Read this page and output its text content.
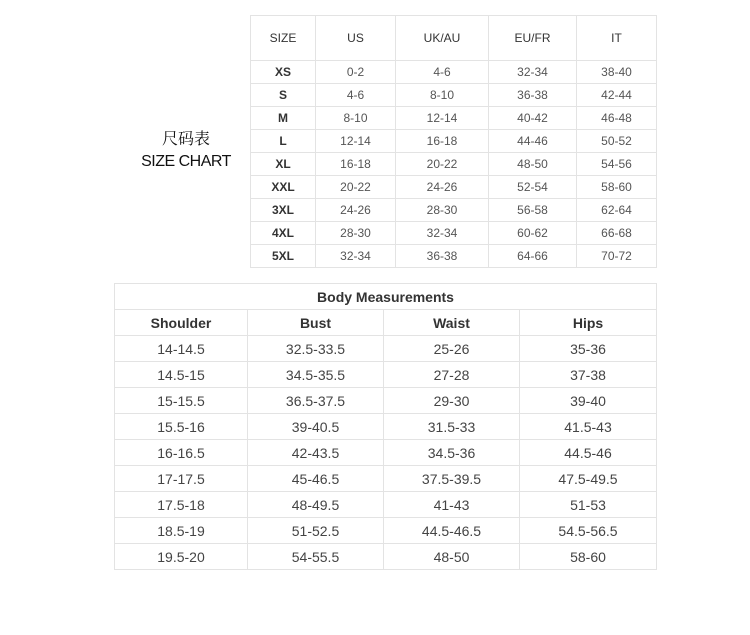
尺码表
SIZE CHART
SIZE	US	UK/AU	EU/FR	IT
XS	0-2	4-6	32-34	38-40
S	4-6	8-10	36-38	42-44
M	8-10	12-14	40-42	46-48
L	12-14	16-18	44-46	50-52
XL	16-18	20-22	48-50	54-56
XXL	20-22	24-26	52-54	58-60
3XL	24-26	28-30	56-58	62-64
4XL	28-30	32-34	60-62	66-68
5XL	32-34	36-38	64-66	70-72
Body Measurements			
Shoulder	Bust	Waist	Hips
14-14.5	32.5-33.5	25-26	35-36
14.5-15	34.5-35.5	27-28	37-38
15-15.5	36.5-37.5	29-30	39-40
15.5-16	39-40.5	31.5-33	41.5-43
16-16.5	42-43.5	34.5-36	44.5-46
17-17.5	45-46.5	37.5-39.5	47.5-49.5
17.5-18	48-49.5	41-43	51-53
18.5-19	51-52.5	44.5-46.5	54.5-56.5
19.5-20	54-55.5	48-50	58-60
